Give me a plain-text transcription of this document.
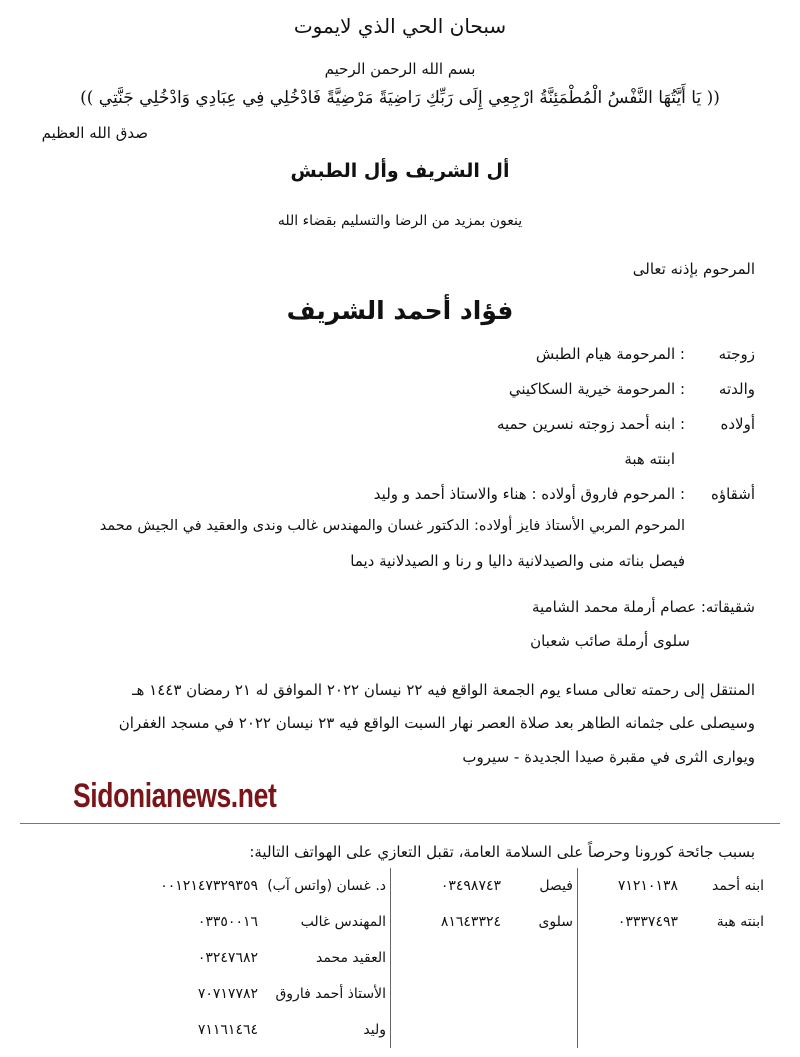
سبحان الحي الذي لايموت
بسم الله الرحمن الرحيم
(( يَا أَيَّتُهَا النَّفْسُ الْمُطْمَئِنَّةُ ارْجِعِي إِلَى رَبِّكِ رَاضِيَةً مَرْضِيَّةً فَادْخُلِي فِي عِبَادِي وَادْخُلِي جَنَّتِي ))
صدق الله العظيم
أل الشريف وأل الطبش
ينعون بمزيد من الرضا والتسليم بقضاء الله
المرحوم بإذنه تعالى
فؤاد أحمد الشريف
زوجته
: المرحومة هيام الطبش
والدته
: المرحومة خيرية السكاكيني
أولاده
: ابنه أحمد زوجته نسرين حميه
ابنته هبة
أشقاؤه
: المرحوم فاروق أولاده : هناء والاستاذ أحمد و وليد
المرحوم المربي الأستاذ فايز أولاده: الدكتور غسان والمهندس غالب وندى والعقيد في الجيش محمد
فيصل بناته منى والصيدلانية داليا و رنا و الصيدلانية ديما
شقيقاته: عصام أرملة محمد الشامية
سلوى أرملة صائب شعبان
المنتقل إلى رحمته تعالى مساء يوم الجمعة الواقع فيه ٢٢ نيسان ٢٠٢٢ الموافق له ٢١ رمضان ١٤٤٣ هـ
وسيصلى على جثمانه الطاهر بعد صلاة العصر نهار السبت الواقع فيه ٢٣ نيسان ٢٠٢٢ في مسجد الغفران
ويوارى الثرى في مقبرة صيدا الجديدة - سيروب
Sidonianews.net
بسبب جائحة كورونا وحرصاً على السلامة العامة، تقبل التعازي على الهواتف التالية:
ابنه أحمد	٧١٢١٠١٣٨	فيصل	٠٣٤٩٨٧٤٣	د. غسان (واتس آب)	٠٠١٢١٤٧٣٢٩٣٥٩
ابنته هبة	٠٣٣٣٧٤٩٣	سلوى	٨١٦٤٣٣٢٤	المهندس غالب	٠٣٣٥٠٠١٦
				العقيد محمد	٠٣٢٤٧٦٨٢
				الأستاذ أحمد فاروق	٧٠٧١٧٧٨٢
				وليد	٧١١٦١٤٦٤
